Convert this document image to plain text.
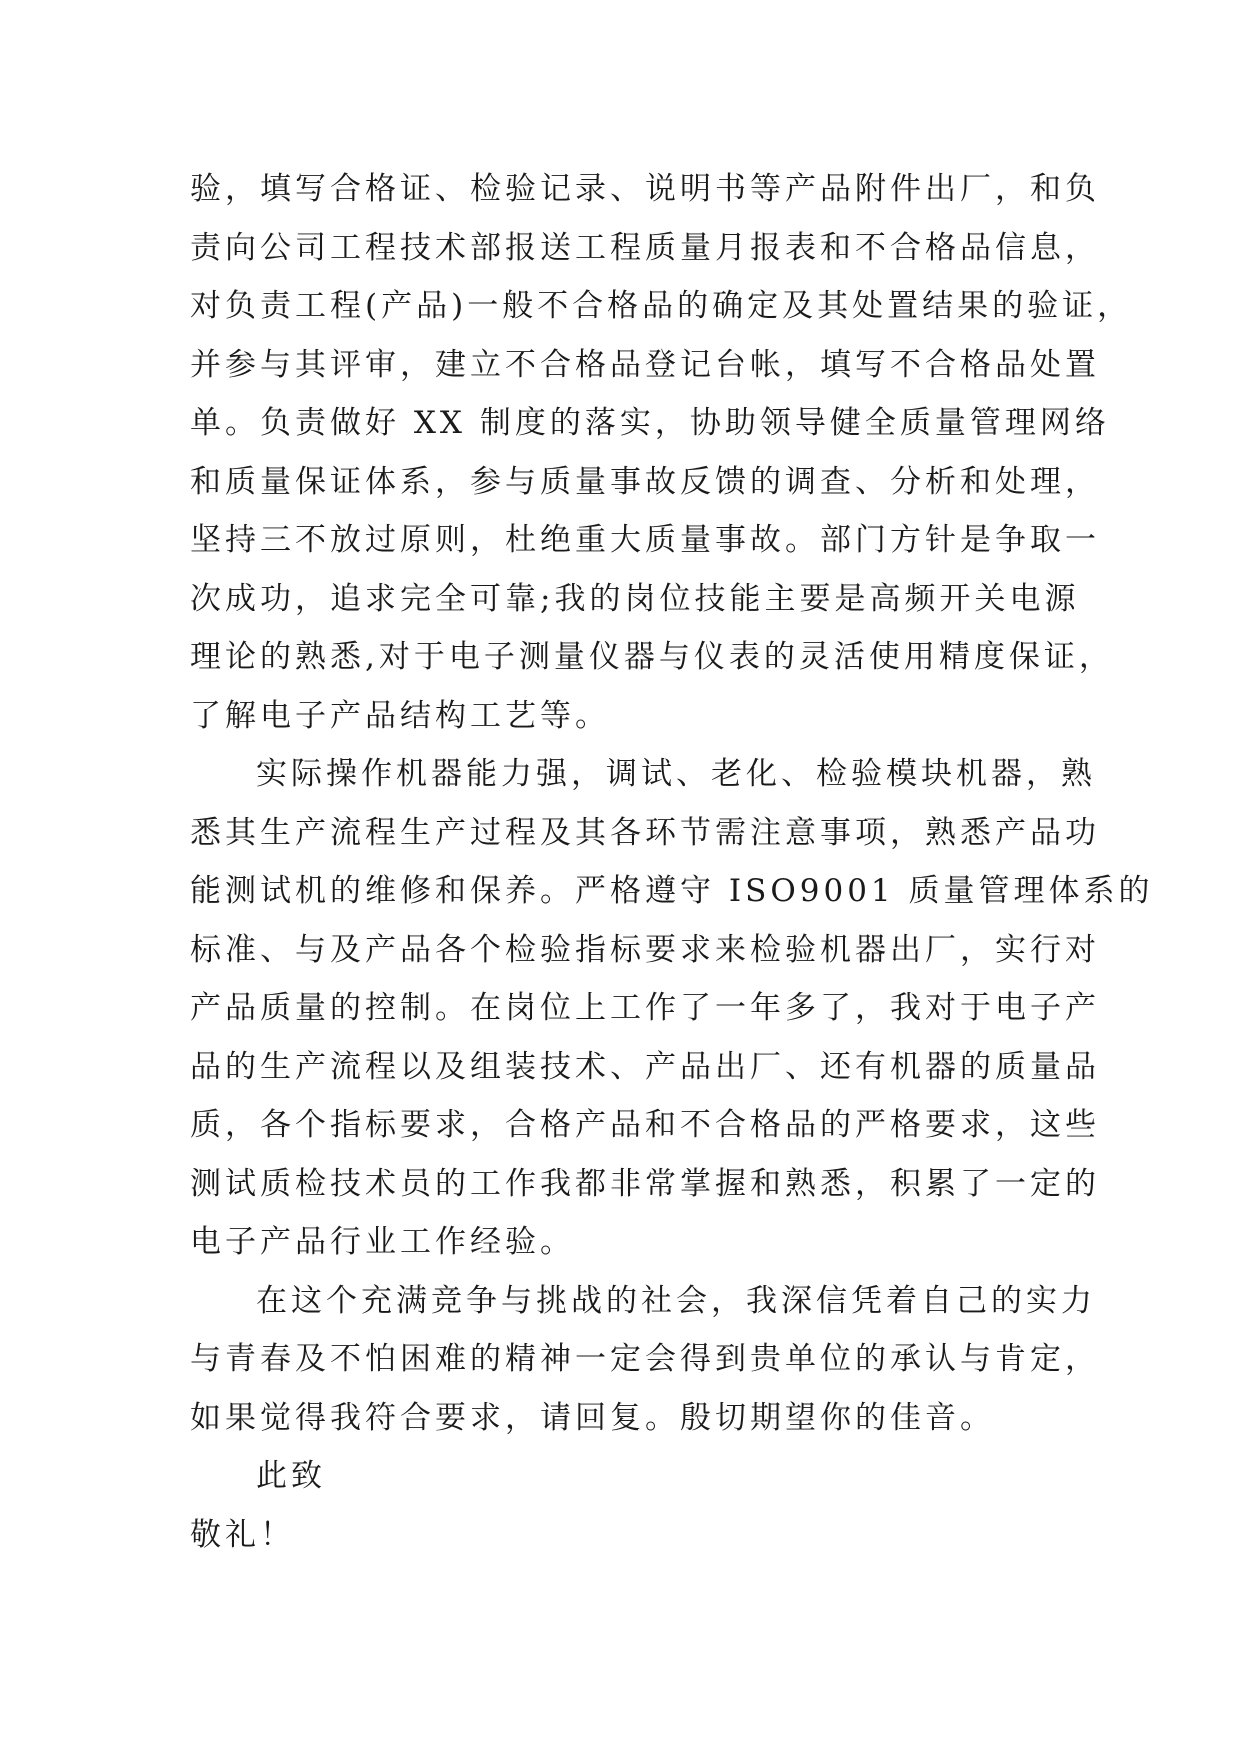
验，填写合格证、检验记录、说明书等产品附件出厂，和负
责向公司工程技术部报送工程质量月报表和不合格品信息，
对负责工程(产品)一般不合格品的确定及其处置结果的验证，
并参与其评审，建立不合格品登记台帐，填写不合格品处置
单。负责做好 XX 制度的落实，协助领导健全质量管理网络
和质量保证体系，参与质量事故反馈的调查、分析和处理，
坚持三不放过原则，杜绝重大质量事故。部门方针是争取一
次成功，追求完全可靠;我的岗位技能主要是高频开关电源
理论的熟悉,对于电子测量仪器与仪表的灵活使用精度保证，
了解电子产品结构工艺等。
实际操作机器能力强，调试、老化、检验模块机器，熟
悉其生产流程生产过程及其各环节需注意事项，熟悉产品功
能测试机的维修和保养。严格遵守 ISO9001 质量管理体系的
标准、与及产品各个检验指标要求来检验机器出厂，实行对
产品质量的控制。在岗位上工作了一年多了，我对于电子产
品的生产流程以及组装技术、产品出厂、还有机器的质量品
质，各个指标要求，合格产品和不合格品的严格要求，这些
测试质检技术员的工作我都非常掌握和熟悉，积累了一定的
电子产品行业工作经验。
在这个充满竞争与挑战的社会，我深信凭着自己的实力
与青春及不怕困难的精神一定会得到贵单位的承认与肯定，
如果觉得我符合要求，请回复。殷切期望你的佳音。
此致
敬礼！
